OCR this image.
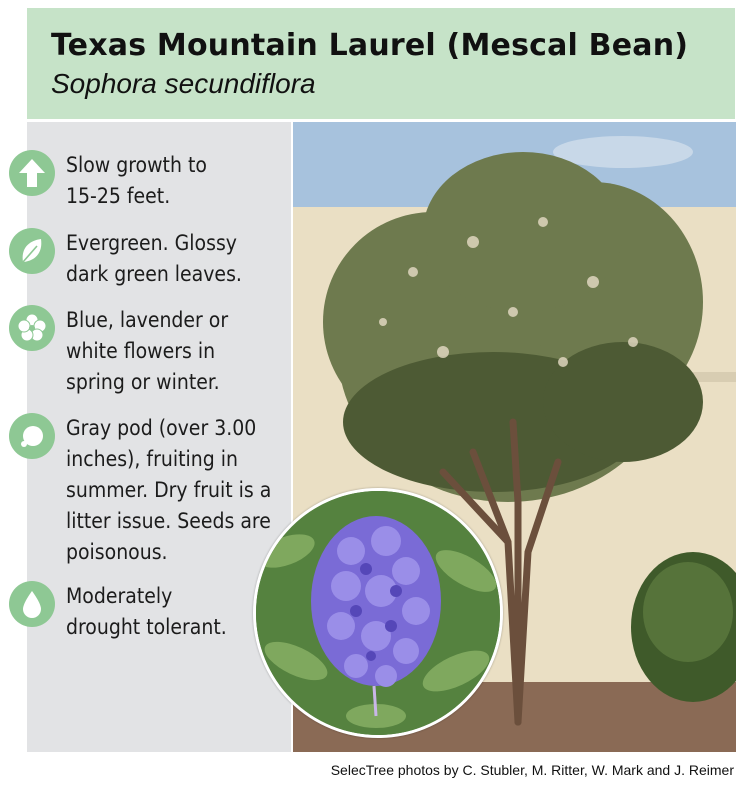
Texas Mountain Laurel (Mescal Bean)
Sophora secundiflora
Slow growth to
15-25 feet.
Evergreen. Glossy
dark green leaves.
Blue, lavender or
white flowers in
spring or winter.
Gray pod (over 3.00
inches), fruiting in
summer. Dry fruit is a
litter issue. Seeds are
poisonous.
Moderately
drought tolerant.
SelecTree photos by C. Stubler, M. Ritter, W. Mark and J. Reimer
